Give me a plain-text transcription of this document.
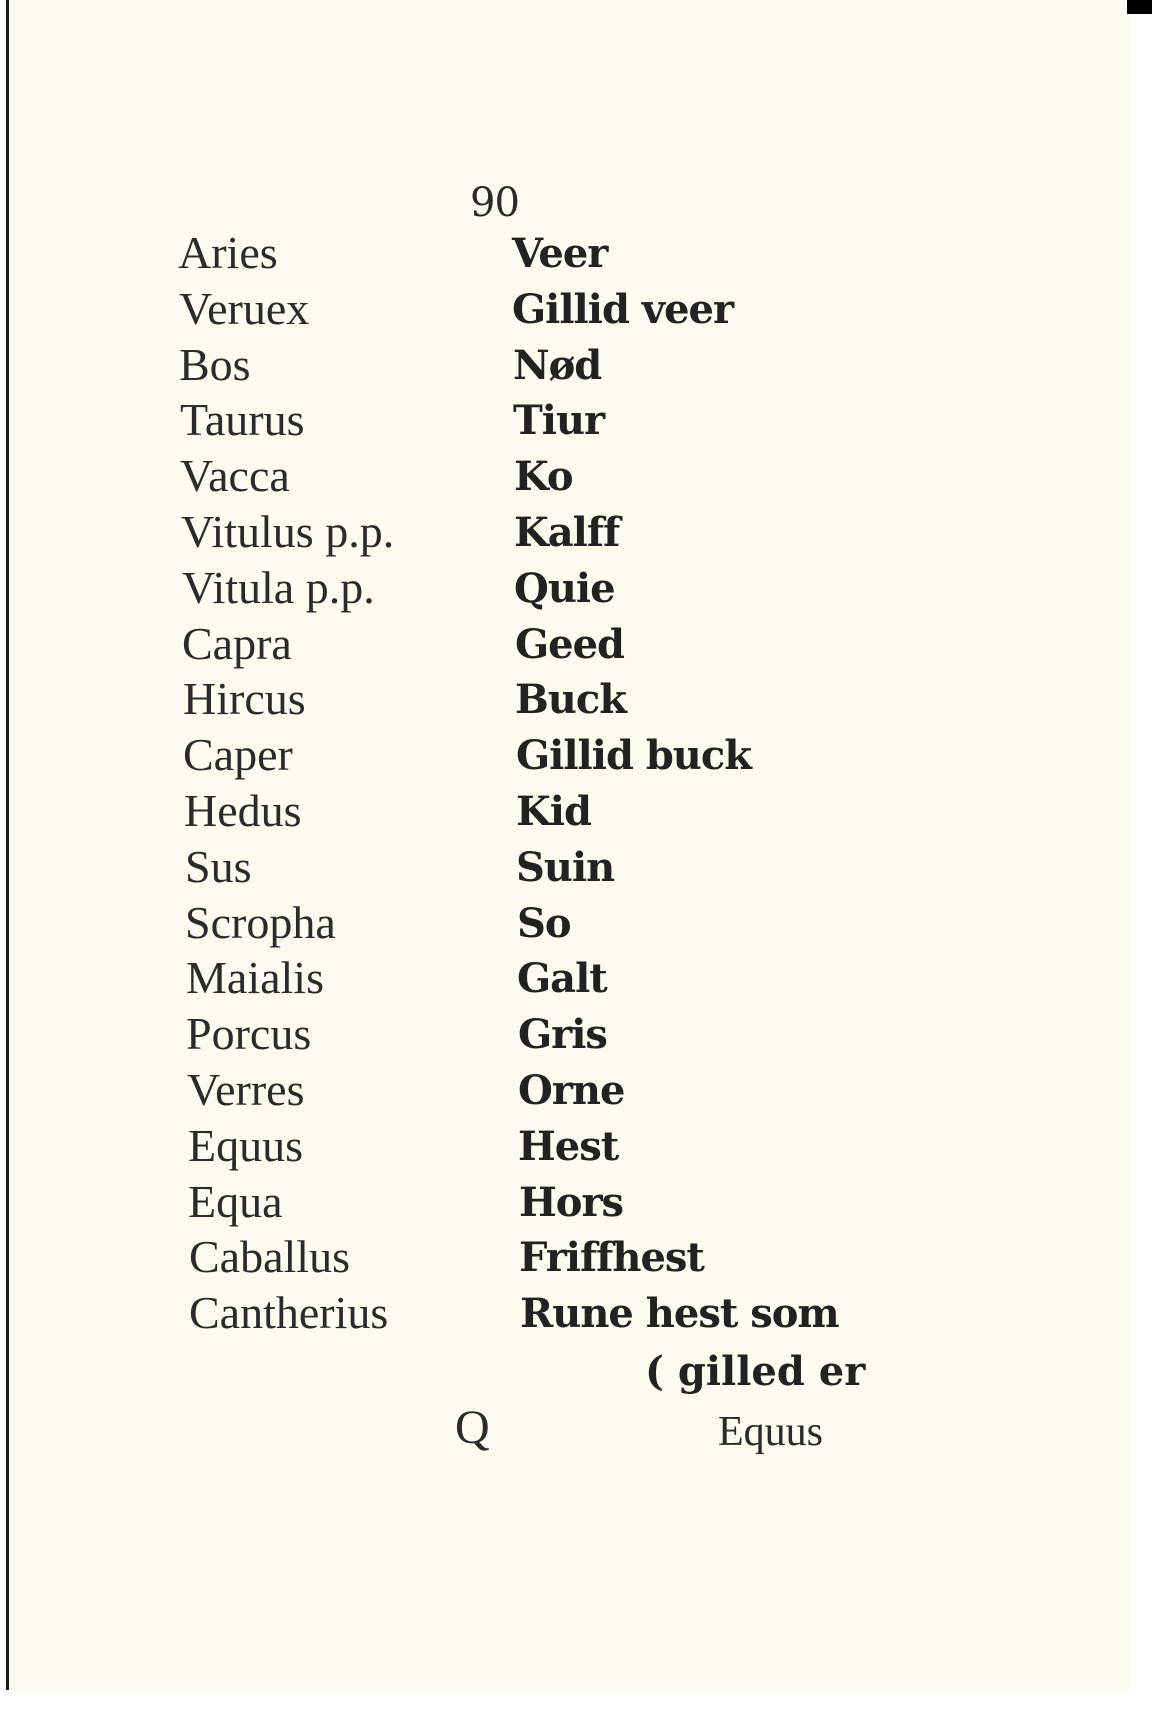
90
Aries	Veer
Veruex	Gillid veer
Bos	Nød
Taurus	Tiur
Vacca	Ko
Vitulus p.p.	Kalff
Vitula p.p.	Quie
Capra	Geed
Hircus	Buck
Caper	Gillid buck
Hedus	Kid
Sus	Suin
Scropha	So
Maialis	Galt
Porcus	Gris
Verres	Orne
Equus	Hest
Equa	Hors
Caballus	Friffhest
Cantherius	Rune hest som
( gilled er
Q	Equus
